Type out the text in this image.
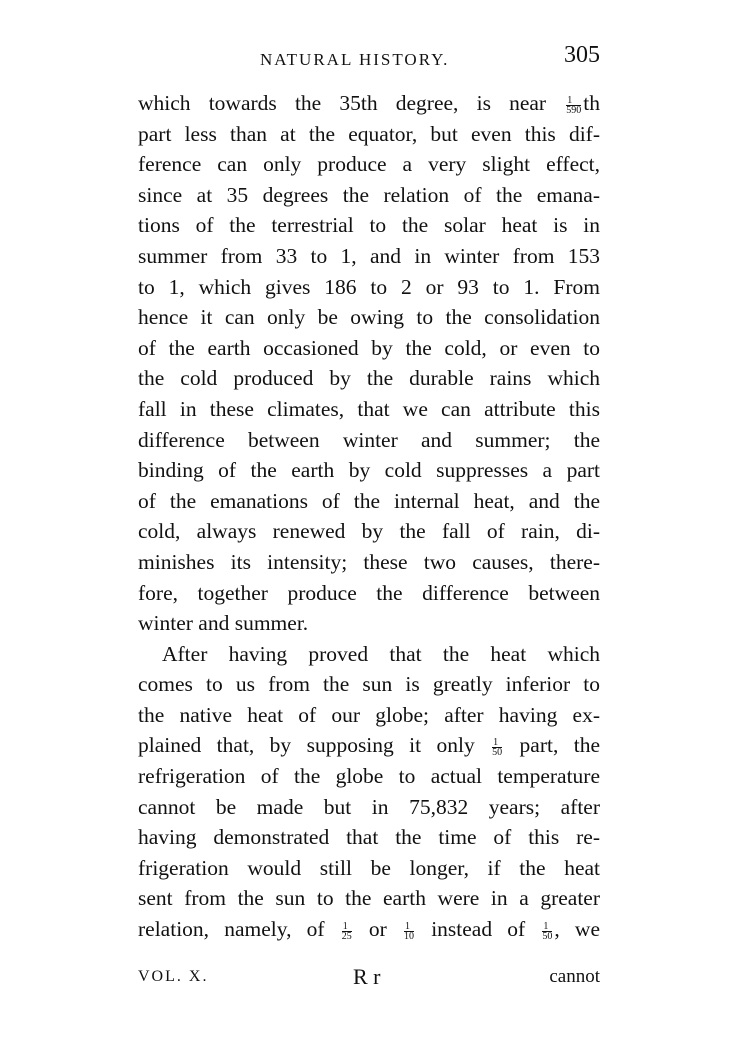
NATURAL HISTORY.	305
which towards the 35th degree, is near $\frac{1}{590}$ th
part less than at the equator, but even this dif-
ference can only produce a very slight effect,
since at 35 degrees the relation of the emana-
tions of the terrestrial to the solar heat is in
summer from 33 to 1, and in winter from 153
to 1, which gives 186 to 2 or 93 to 1. From
hence it can only be owing to the consolidation
of the earth occasioned by the cold, or even to
the cold produced by the durable rains which
fall in these climates, that we can attribute this
difference between winter and summer; the
binding of the earth by cold suppresses a part
of the emanations of the internal heat, and the
cold, always renewed by the fall of rain, di-
minishes its intensity; these two causes, there-
fore, together produce the difference between
winter and summer.
After having proved that the heat which
comes to us from the sun is greatly inferior to
the native heat of our globe; after having ex-
plained that, by supposing it only $\frac{1}{50}$ part, the
refrigeration of the globe to actual temperature
cannot be made but in 75,832 years; after
having demonstrated that the time of this re-
frigeration would still be longer, if the heat
sent from the sun to the earth were in a greater
relation, namely, of $\frac{1}{25}$ or $\frac{1}{10}$ instead of $\frac{1}{50}$ , we
VOL. X.	R r	cannot
